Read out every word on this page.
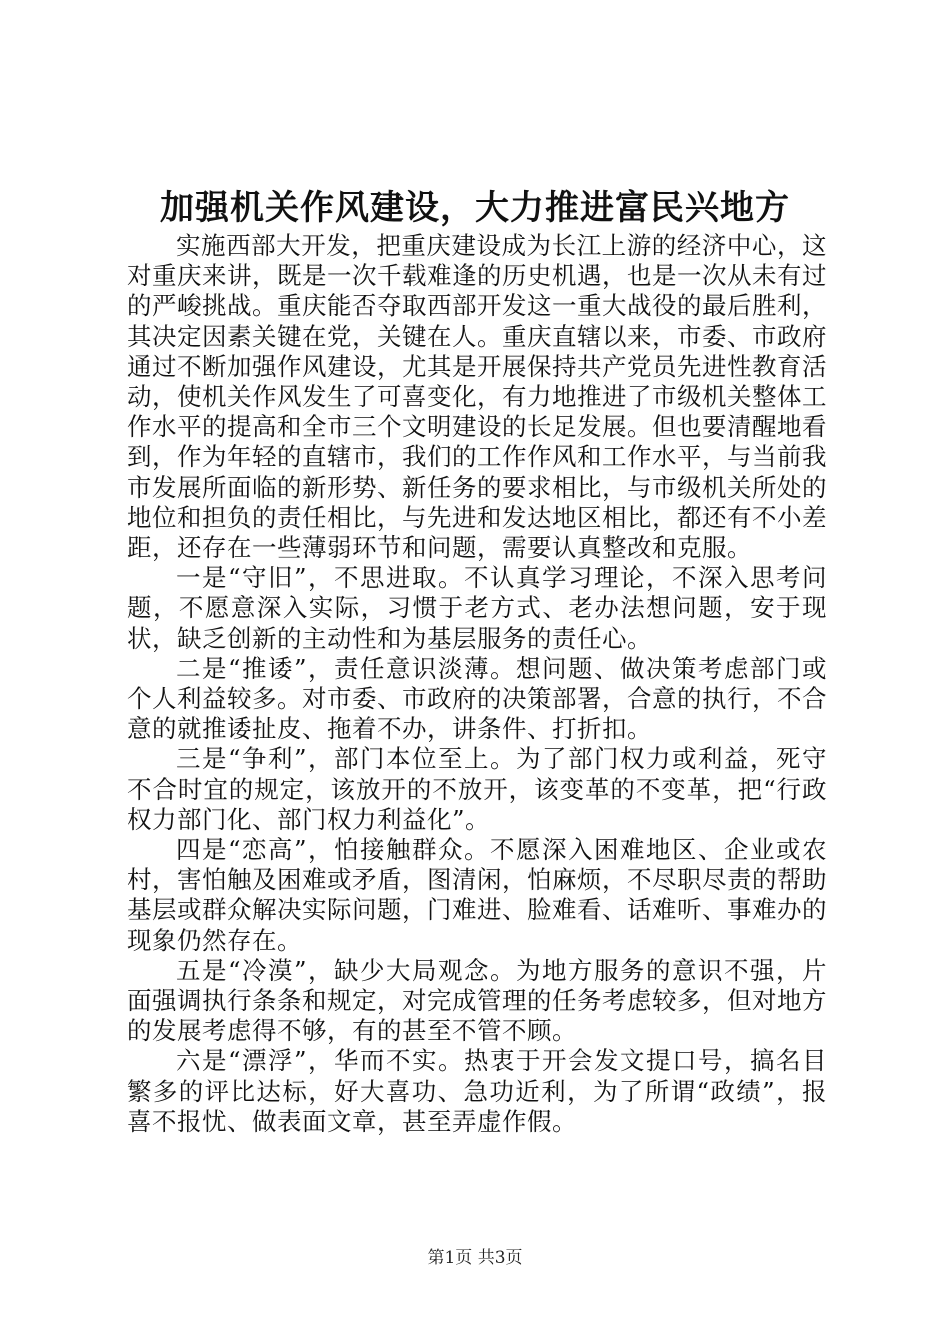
加强机关作风建设，大力推进富民兴地方

实施西部大开发，把重庆建设成为长江上游的经济中心，这对重庆来讲，既是一次千载难逢的历史机遇，也是一次从未有过的严峻挑战。重庆能否夺取西部开发这一重大战役的最后胜利，其决定因素关键在党，关键在人。重庆直辖以来，市委、市政府通过不断加强作风建设，尤其是开展保持共产党员先进性教育活动，使机关作风发生了可喜变化，有力地推进了市级机关整体工作水平的提高和全市三个文明建设的长足发展。但也要清醒地看到，作为年轻的直辖市，我们的工作作风和工作水平，与当前我市发展所面临的新形势、新任务的要求相比，与市级机关所处的地位和担负的责任相比，与先进和发达地区相比，都还有不小差距，还存在一些薄弱环节和问题，需要认真整改和克服。

一是“守旧”，不思进取。不认真学习理论，不深入思考问题，不愿意深入实际，习惯于老方式、老办法想问题，安于现状，缺乏创新的主动性和为基层服务的责任心。

二是“推诿”，责任意识淡薄。想问题、做决策考虑部门或个人利益较多。对市委、市政府的决策部署，合意的执行，不合意的就推诿扯皮、拖着不办，讲条件、打折扣。

三是“争利”，部门本位至上。为了部门权力或利益，死守不合时宜的规定，该放开的不放开，该变革的不变革，把“行政权力部门化、部门权力利益化”。

四是“恋高”，怕接触群众。不愿深入困难地区、企业或农村，害怕触及困难或矛盾，图清闲，怕麻烦，不尽职尽责的帮助基层或群众解决实际问题，门难进、脸难看、话难听、事难办的现象仍然存在。

五是“冷漠”，缺少大局观念。为地方服务的意识不强，片面强调执行条条和规定，对完成管理的任务考虑较多，但对地方的发展考虑得不够，有的甚至不管不顾。

六是“漂浮”，华而不实。热衷于开会发文提口号，搞名目繁多的评比达标，好大喜功、急功近利，为了所谓“政绩”，报喜不报忧、做表面文章，甚至弄虚作假。

第1页 共3页
